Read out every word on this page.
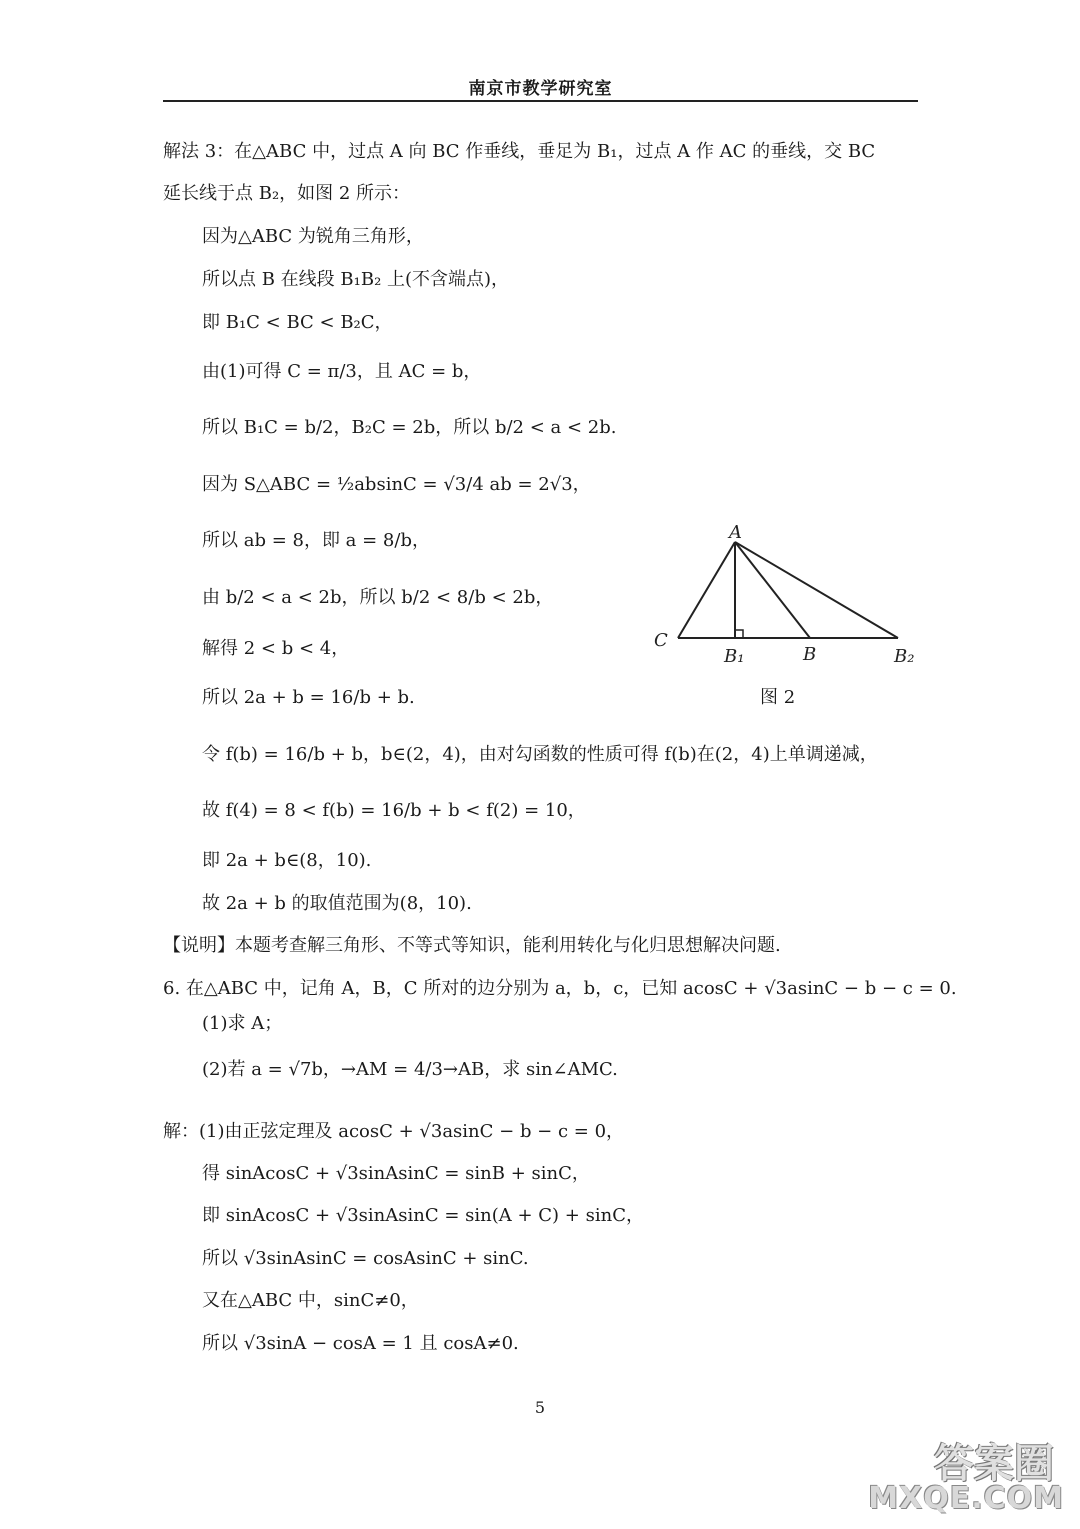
南京市教学研究室
解法 3：在△ABC 中，过点 A 向 BC 作垂线，垂足为 B₁，过点 A 作 AC 的垂线，交 BC
延长线于点 B₂，如图 2 所示：
因为△ABC 为锐角三角形，
所以点 B 在线段 B₁B₂ 上(不含端点)，
即 B₁C < BC < B₂C，
由(1)可得 C = π/3，且 AC = b，
所以 B₁C = b/2，B₂C = 2b，所以 b/2 < a < 2b.
因为 S△ABC = ½absinC = √3/4 ab = 2√3，
所以 ab = 8，即 a = 8/b，
由 b/2 < a < 2b，所以 b/2 < 8/b < 2b，
解得 2 < b < 4，
所以 2a + b = 16/b + b.
令 f(b) = 16/b + b，b∈(2，4)，由对勾函数的性质可得 f(b)在(2，4)上单调递减，
故 f(4) = 8 < f(b) = 16/b + b < f(2) = 10，
即 2a + b∈(8，10).
故 2a + b 的取值范围为(8，10).
【说明】本题考查解三角形、不等式等知识，能利用转化与化归思想解决问题.
6. 在△ABC 中，记角 A，B，C 所对的边分别为 a，b，c，已知 acosC + √3asinC − b − c = 0.
(1)求 A；
(2)若 a = √7b，→AM = 4/3→AB，求 sin∠AMC.
解：(1)由正弦定理及 acosC + √3asinC − b − c = 0，
得 sinAcosC + √3sinAsinC = sinB + sinC，
即 sinAcosC + √3sinAsinC = sin(A + C) + sinC，
所以 √3sinAsinC = cosAsinC + sinC.
又在△ABC 中，sinC≠0，
所以 √3sinA − cosA = 1 且 cosA≠0.
A
C
B₁	B	B₂
图 2
5
答案圈
MXQE.COM
